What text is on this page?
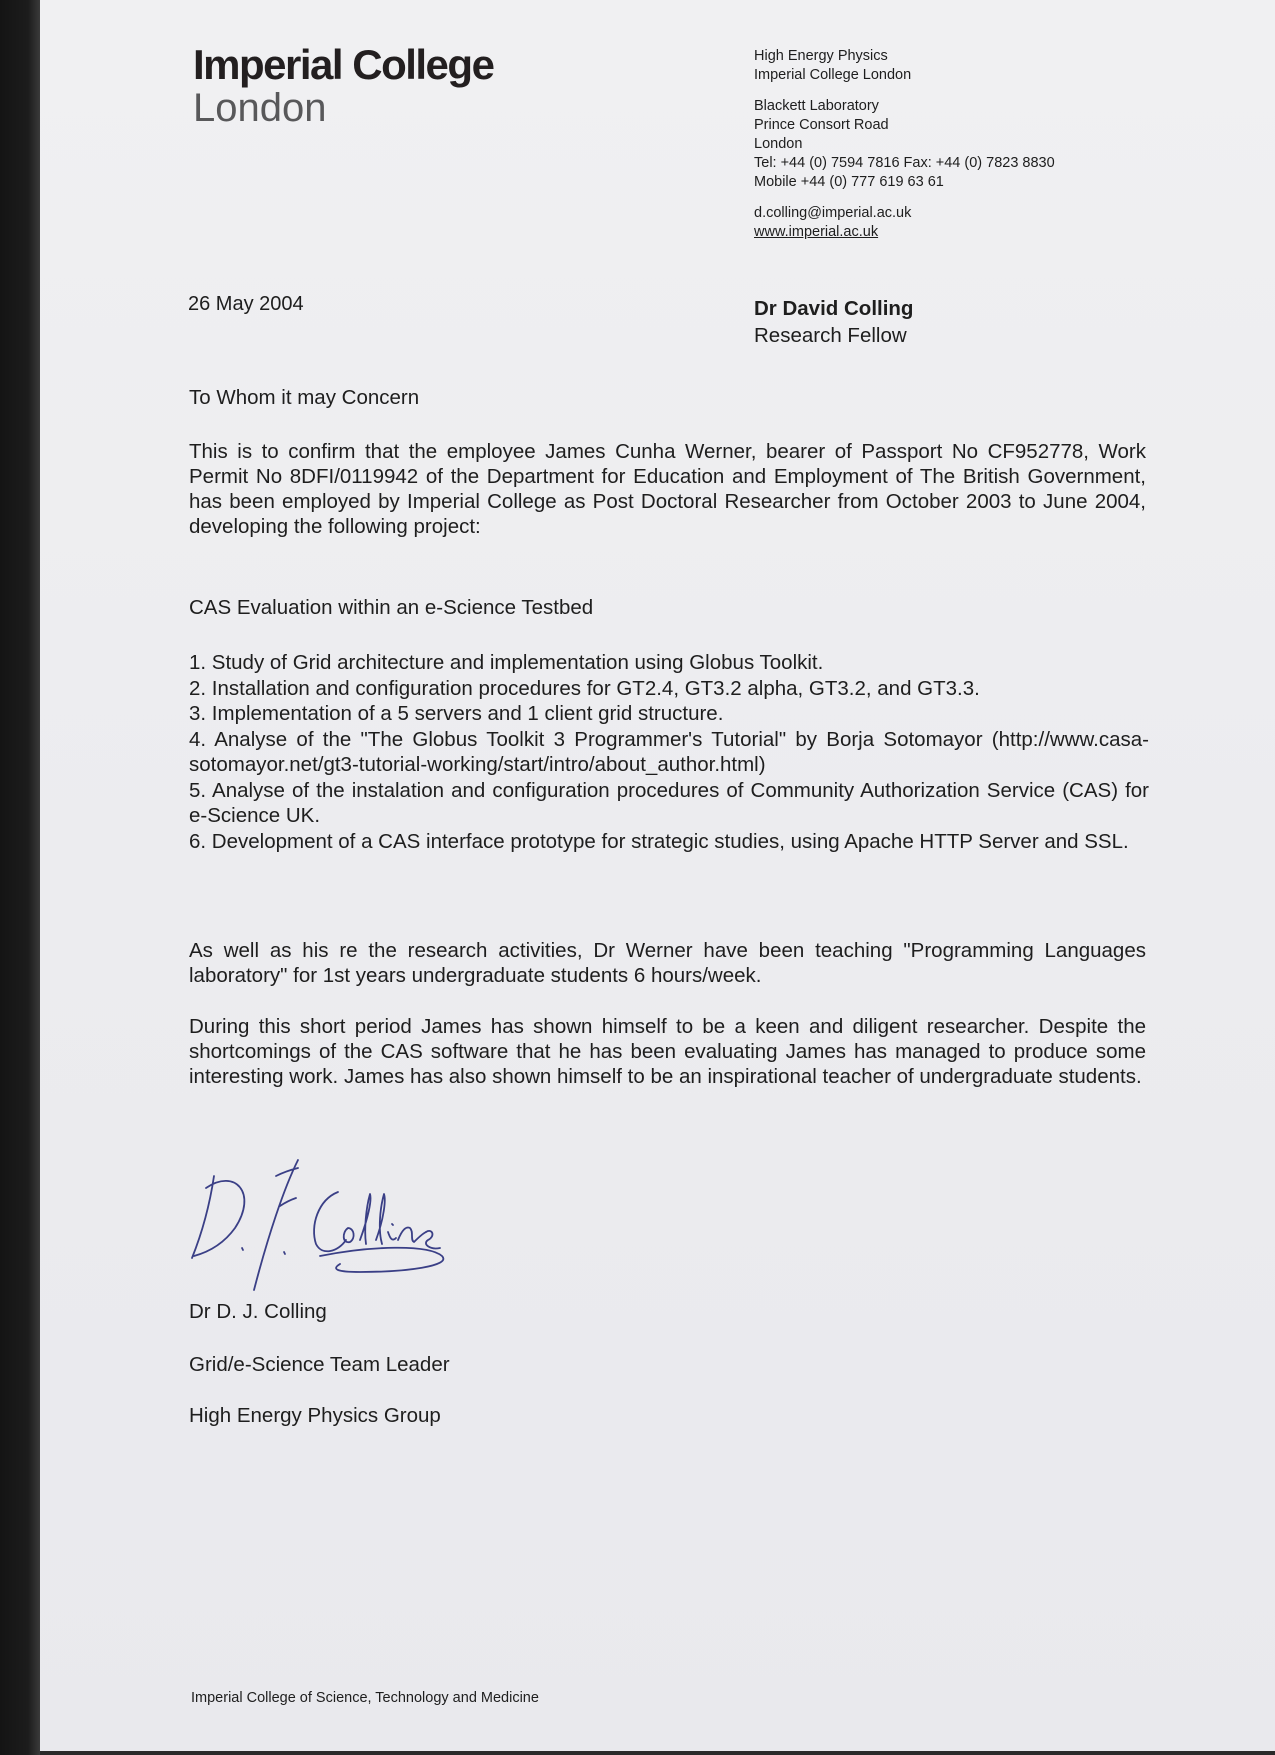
Imperial College
London
High Energy Physics
Imperial College London
Blackett Laboratory
Prince Consort Road
London
Tel: +44 (0) 7594 7816 Fax: +44 (0) 7823 8830
Mobile +44 (0) 777 619 63 61
d.colling@imperial.ac.uk
www.imperial.ac.uk
26 May 2004	Dr David Colling
Research Fellow
To Whom it may Concern
This is to confirm that the employee James Cunha Werner, bearer of Passport No CF952778, Work Permit No 8DFI/0119942 of the Department for Education and Employment of The British Government, has been employed by Imperial College as Post Doctoral Researcher from October 2003 to June 2004, developing the following project:
CAS Evaluation within an e-Science Testbed
1. Study of Grid architecture and implementation using Globus Toolkit.
2. Installation and configuration procedures for GT2.4, GT3.2 alpha, GT3.2, and GT3.3.
3. Implementation of a 5 servers and 1 client grid structure.
4. Analyse of the "The Globus Toolkit 3 Programmer's Tutorial" by Borja Sotomayor (http://www.casa-sotomayor.net/gt3-tutorial-working/start/intro/about_author.html)
5. Analyse of the instalation and configuration procedures of Community Authorization Service (CAS) for e-Science UK.
6. Development of a CAS interface prototype for strategic studies, using Apache HTTP Server and SSL.
As well as his re the research activities, Dr Werner have been teaching "Programming Languages laboratory" for 1st years undergraduate students 6 hours/week.
During this short period James has shown himself to be a keen and diligent researcher. Despite the shortcomings of the CAS software that he has been evaluating James has managed to produce some interesting work. James has also shown himself to be an inspirational teacher of undergraduate students.
Dr D. J. Colling
Grid/e-Science Team Leader
High Energy Physics Group
Imperial College of Science, Technology and Medicine
